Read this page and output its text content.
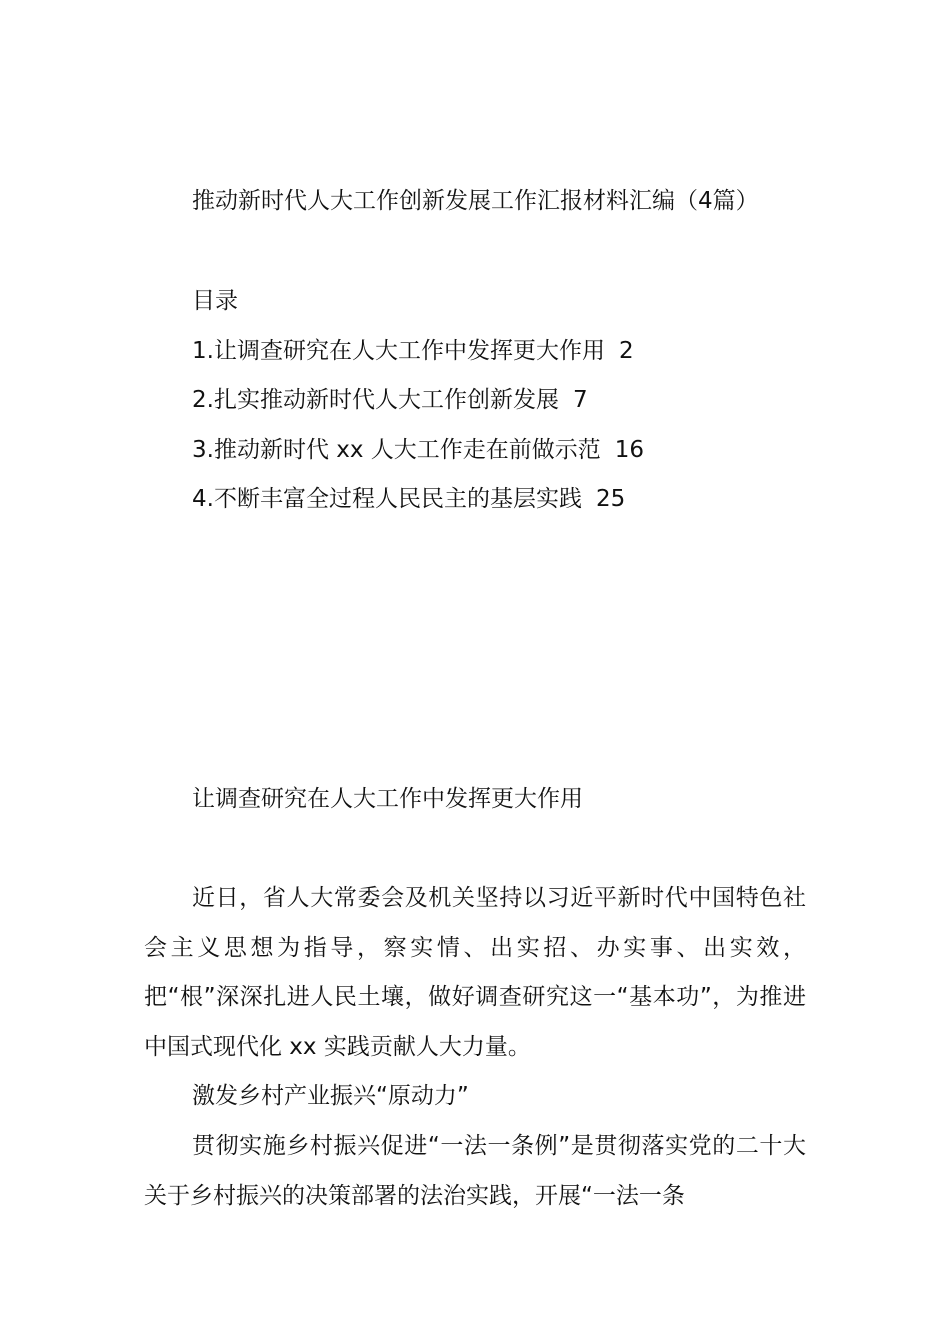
推动新时代人大工作创新发展工作汇报材料汇编（4篇）
目录
1.让调查研究在人大工作中发挥更大作用 2
2.扎实推动新时代人大工作创新发展 7
3.推动新时代 xx 人大工作走在前做示范 16
4.不断丰富全过程人民民主的基层实践 25
让调查研究在人大工作中发挥更大作用

近日，省人大常委会及机关坚持以习近平新时代中国特色社会主义思想为指导，察实情、出实招、办实事、出实效，把“根”深深扎进人民土壤，做好调查研究这一“基本功”，为推进中国式现代化 xx 实践贡献人大力量。

激发乡村产业振兴“原动力”

贯彻实施乡村振兴促进“一法一条例”是贯彻落实党的二十大关于乡村振兴的决策部署的法治实践，开展“一法一条
